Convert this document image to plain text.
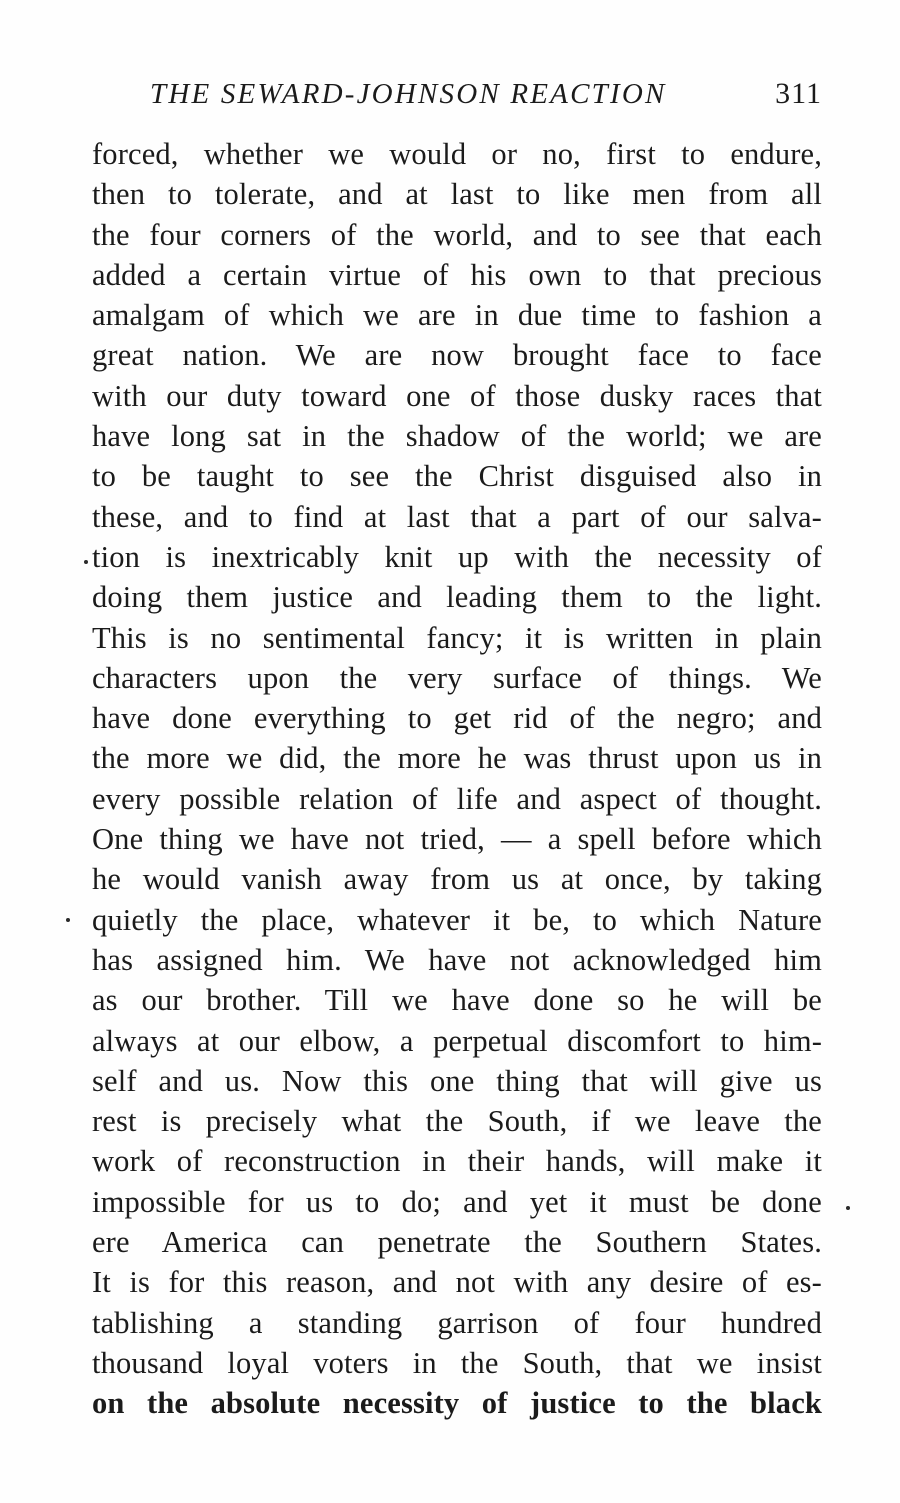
THE SEWARD-JOHNSON REACTION	311
forced, whether we would or no, first to endure,
then to tolerate, and at last to like men from all
the four corners of the world, and to see that each
added a certain virtue of his own to that precious
amalgam of which we are in due time to fashion a
great nation. We are now brought face to face
with our duty toward one of those dusky races that
have long sat in the shadow of the world; we are
to be taught to see the Christ disguised also in
these, and to find at last that a part of our salva-
tion is inextricably knit up with the necessity of
doing them justice and leading them to the light.
This is no sentimental fancy; it is written in plain
characters upon the very surface of things. We
have done everything to get rid of the negro; and
the more we did, the more he was thrust upon us in
every possible relation of life and aspect of thought.
One thing we have not tried, — a spell before which
he would vanish away from us at once, by taking
quietly the place, whatever it be, to which Nature
has assigned him. We have not acknowledged him
as our brother. Till we have done so he will be
always at our elbow, a perpetual discomfort to him-
self and us. Now this one thing that will give us
rest is precisely what the South, if we leave the
work of reconstruction in their hands, will make it
impossible for us to do; and yet it must be done
ere America can penetrate the Southern States.
It is for this reason, and not with any desire of es-
tablishing a standing garrison of four hundred
thousand loyal voters in the South, that we insist
on the absolute necessity of justice to the black
